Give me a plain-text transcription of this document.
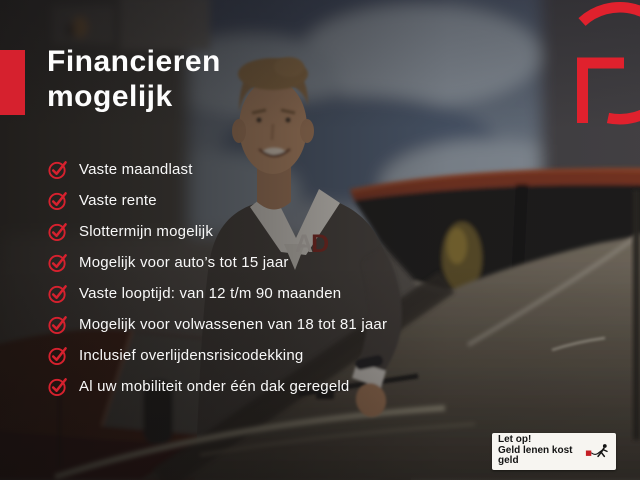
Financieren
mogelijk
Vaste maandlast
Vaste rente
Slottermijn mogelijk
Mogelijk voor auto’s tot 15 jaar
Vaste looptijd: van 12 t/m 90 maanden
Mogelijk voor volwassenen van 18 tot 81 jaar
Inclusief overlijdensrisicodekking
Al uw mobiliteit onder één dak geregeld
Let op!
Geld lenen kost geld
